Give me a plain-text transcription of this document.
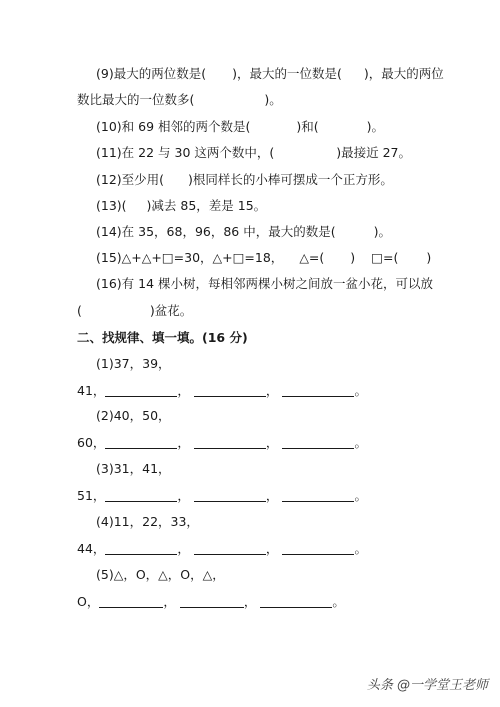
(9)最大的两位数是( )，最大的一位数是( )，最大的两位
数比最大的一位数多(	)。
(10)和 69 相邻的两个数是(	)和(	)。
(11)在 22 与 30 这两个数中，(	)最接近 27。
(12)至少用( )根同样长的小棒可摆成一个正方形。
(13)( )减去 85，差是 15。
(14)在 35，68，96，86 中，最大的数是(	)。
(15)△+△+□=30，△+□=18， △=( ) □=( )
(16)有 14 棵小树，每相邻两棵小树之间放一盆小花，可以放
(	)盆花。
二、找规律、填一填。(16 分)
(1)37，39，
41，	，	，	。
(2)40，50，
60，	，	，	。
(3)31，41，
51，	，	，	。
(4)11，22，33，
44，	，	，	。
(5)△，O，△，O，△，
O，	，	，	。
头条 @一学堂王老师
